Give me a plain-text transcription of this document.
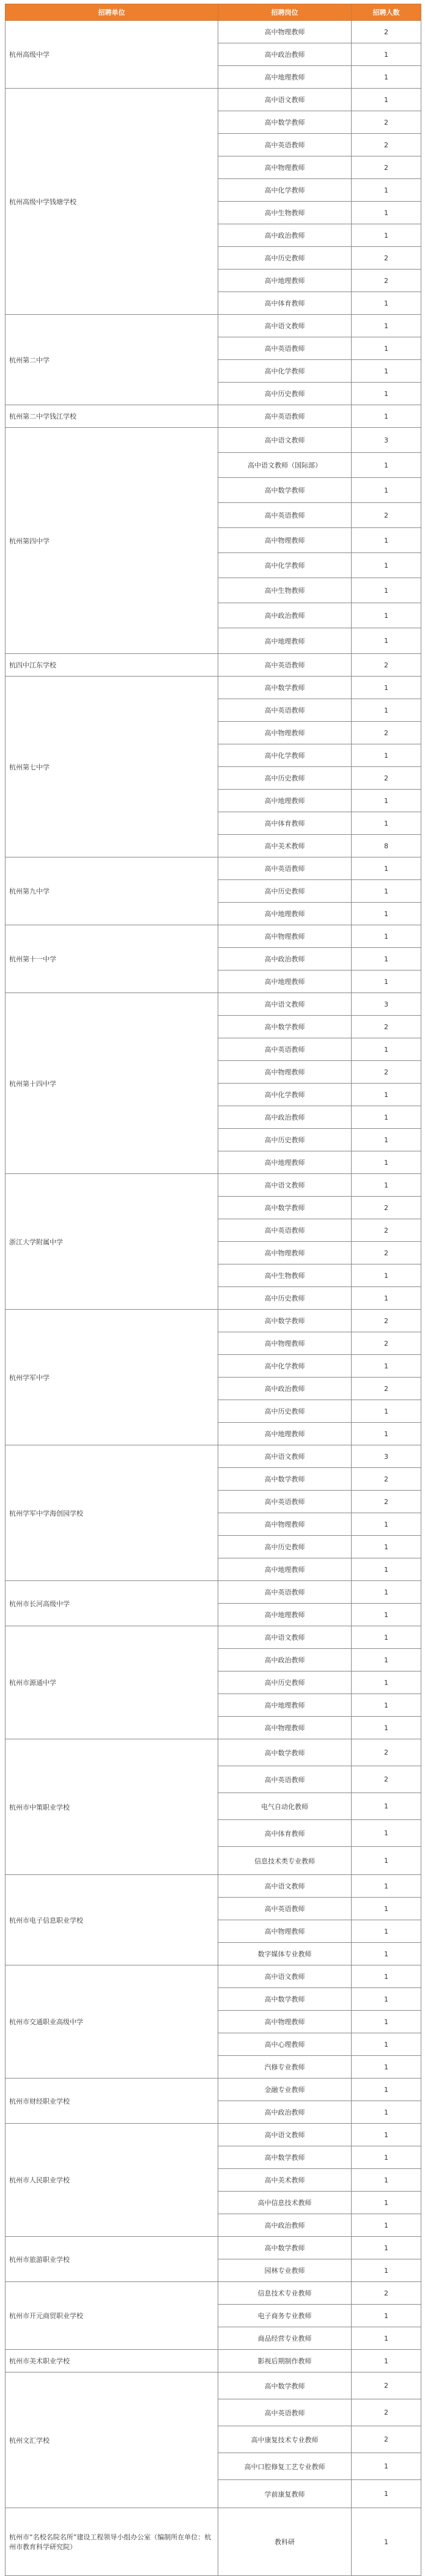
招聘单位	招聘岗位	招聘人数
杭州高级中学	高中物理教师	2
	高中政治教师	1
	高中地理教师	1
杭州高级中学钱塘学校	高中语文教师	1
	高中数学教师	2
	高中英语教师	2
	高中物理教师	2
	高中化学教师	1
	高中生物教师	1
	高中政治教师	1
	高中历史教师	2
	高中地理教师	2
	高中体育教师	1
杭州第二中学	高中语文教师	1
	高中英语教师	1
	高中化学教师	1
	高中历史教师	1
杭州第二中学钱江学校	高中英语教师	1
杭州第四中学	高中语文教师	3
	高中语文教师（国际部）	1
	高中数学教师	1
	高中英语教师	2
	高中物理教师	1
	高中化学教师	1
	高中生物教师	1
	高中政治教师	1
	高中地理教师	1
杭四中江东学校	高中英语教师	2
杭州第七中学	高中数学教师	1
	高中英语教师	1
	高中物理教师	2
	高中化学教师	1
	高中历史教师	2
	高中地理教师	1
	高中体育教师	1
	高中美术教师	8
杭州第九中学	高中英语教师	1
	高中历史教师	1
	高中地理教师	1
杭州第十一中学	高中物理教师	1
	高中政治教师	1
	高中地理教师	1
杭州第十四中学	高中语文教师	3
	高中数学教师	2
	高中英语教师	1
	高中物理教师	2
	高中化学教师	1
	高中政治教师	1
	高中历史教师	1
	高中地理教师	1
浙江大学附属中学	高中语文教师	1
	高中数学教师	2
	高中英语教师	2
	高中物理教师	2
	高中生物教师	1
	高中历史教师	1
杭州学军中学	高中数学教师	2
	高中物理教师	2
	高中化学教师	1
	高中政治教师	2
	高中历史教师	1
	高中地理教师	1
杭州学军中学海创园学校	高中语文教师	3
	高中数学教师	2
	高中英语教师	2
	高中物理教师	1
	高中历史教师	1
	高中地理教师	1
杭州市长河高级中学	高中英语教师	1
	高中地理教师	1
杭州市源通中学	高中语文教师	1
	高中政治教师	1
	高中历史教师	1
	高中地理教师	1
	高中物理教师	1
杭州市中策职业学校	高中数学教师	2
	高中英语教师	2
	电气自动化教师	1
	高中体育教师	1
	信息技术类专业教师	1
杭州市电子信息职业学校	高中语文教师	1
	高中英语教师	1
	高中物理教师	1
	数字媒体专业教师	1
杭州市交通职业高级中学	高中语文教师	1
	高中数学教师	1
	高中物理教师	1
	高中心理教师	1
	汽修专业教师	1
杭州市财经职业学校	金融专业教师	1
	高中政治教师	1
杭州市人民职业学校	高中语文教师	1
	高中数学教师	1
	高中美术教师	1
	高中信息技术教师	1
	高中政治教师	1
杭州市旅游职业学校	高中数学教师	1
	园林专业教师	1
杭州市开元商贸职业学校	信息技术专业教师	2
	电子商务专业教师	1
	商品经营专业教师	1
杭州市美术职业学校	影视后期制作教师	1
杭州文汇学校	高中数学教师	2
	高中英语教师	2
	高中康复技术专业教师	2
	高中口腔修复工艺专业教师	1
	学前康复教师	1
杭州市“名校名院名所”建设工程领导小组办公室（编制所在单位：杭州市教育科学研究院）	教科研	1
